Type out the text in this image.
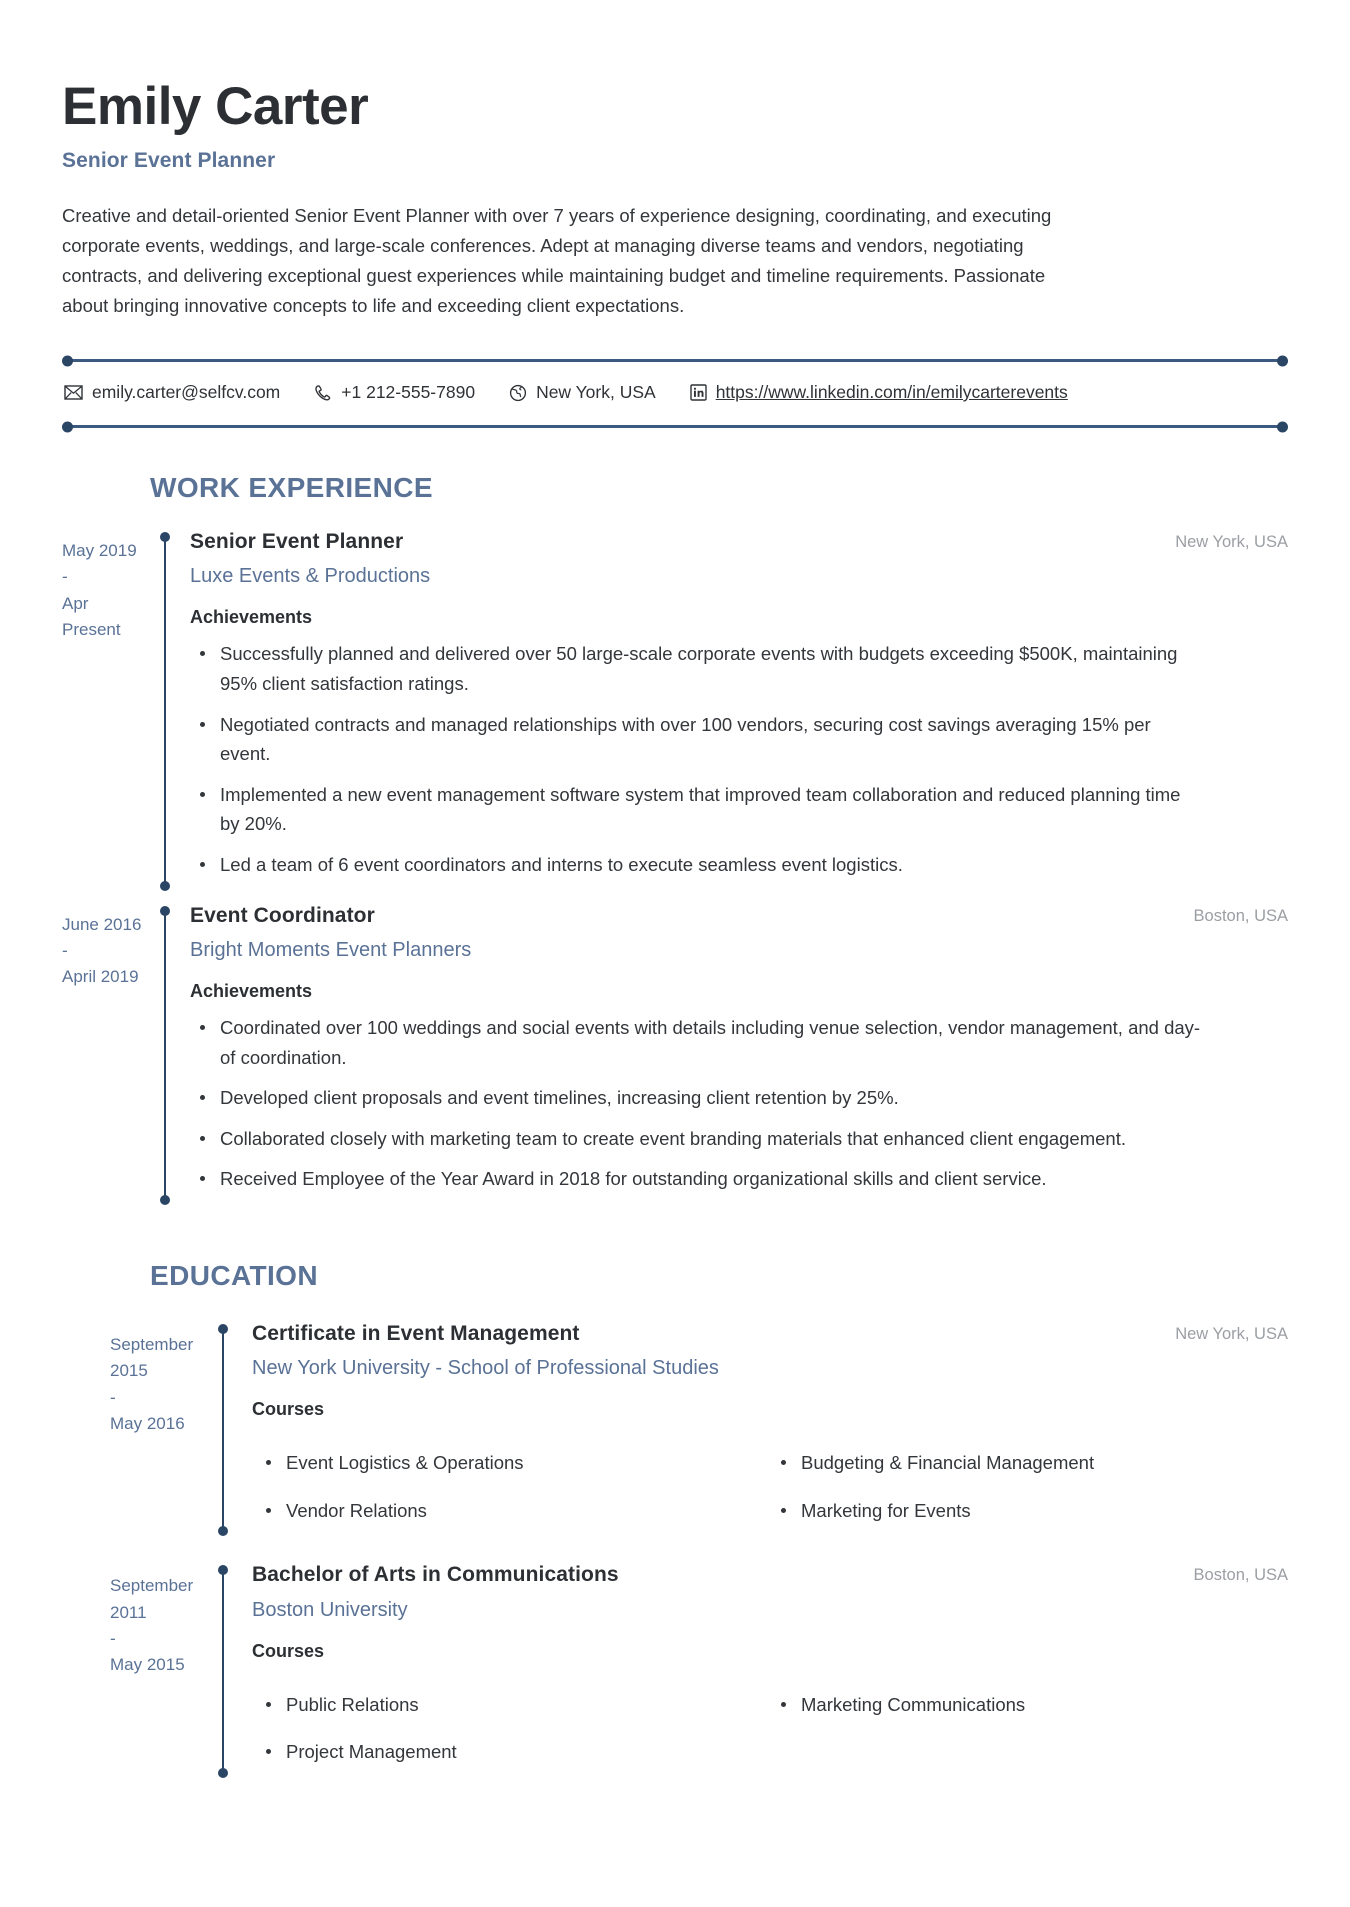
Emily Carter
Senior Event Planner
Creative and detail-oriented Senior Event Planner with over 7 years of experience designing, coordinating, and executing corporate events, weddings, and large-scale conferences. Adept at managing diverse teams and vendors, negotiating contracts, and delivering exceptional guest experiences while maintaining budget and timeline requirements. Passionate about bringing innovative concepts to life and exceeding client expectations.
emily.carter@selfcv.com	+1 212-555-7890	New York, USA	https://www.linkedin.com/in/emilycarterevents
WORK EXPERIENCE
May 2019
-
Apr
Present
Senior Event Planner	New York, USA
Luxe Events & Productions
Achievements
Successfully planned and delivered over 50 large-scale corporate events with budgets exceeding $500K, maintaining 95% client satisfaction ratings.
Negotiated contracts and managed relationships with over 100 vendors, securing cost savings averaging 15% per event.
Implemented a new event management software system that improved team collaboration and reduced planning time by 20%.
Led a team of 6 event coordinators and interns to execute seamless event logistics.
June 2016
-
April 2019
Event Coordinator	Boston, USA
Bright Moments Event Planners
Achievements
Coordinated over 100 weddings and social events with details including venue selection, vendor management, and day-of coordination.
Developed client proposals and event timelines, increasing client retention by 25%.
Collaborated closely with marketing team to create event branding materials that enhanced client engagement.
Received Employee of the Year Award in 2018 for outstanding organizational skills and client service.
EDUCATION
September
2015
-
May 2016
Certificate in Event Management	New York, USA
New York University - School of Professional Studies
Courses
Event Logistics & Operations	Budgeting & Financial Management
Vendor Relations	Marketing for Events
September
2011
-
May 2015
Bachelor of Arts in Communications	Boston, USA
Boston University
Courses
Public Relations	Marketing Communications
Project Management
